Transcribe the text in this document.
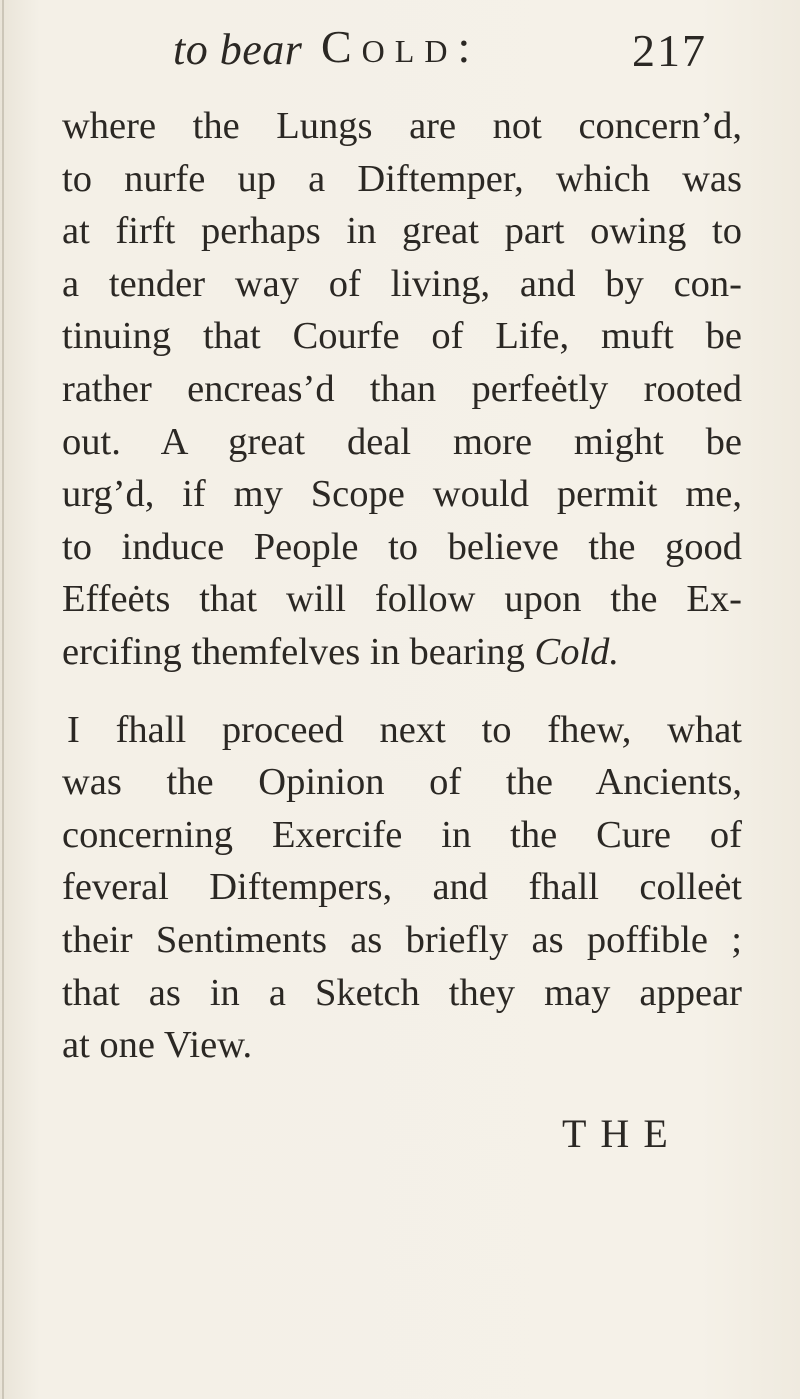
to bear Cold:	217
where the Lungs are not concern’d,
to nurfe up a Diftemper, which was
at firft perhaps in great part owing to
a tender way of living, and by con-
tinuing that Courfe of Life, muft be
rather encreas’d than perfeėtly rooted
out. A great deal more might be
urg’d, if my Scope would permit me,
to induce People to believe the good
Effeėts that will follow upon the Ex-
ercifing themfelves in bearing Cold.
I fhall proceed next to fhew, what
was the Opinion of the Ancients,
concerning Exercife in the Cure of
feveral Diftempers, and fhall colleėt
their Sentiments as briefly as poffible ;
that as in a Sketch they may appear
at one View.
THE
